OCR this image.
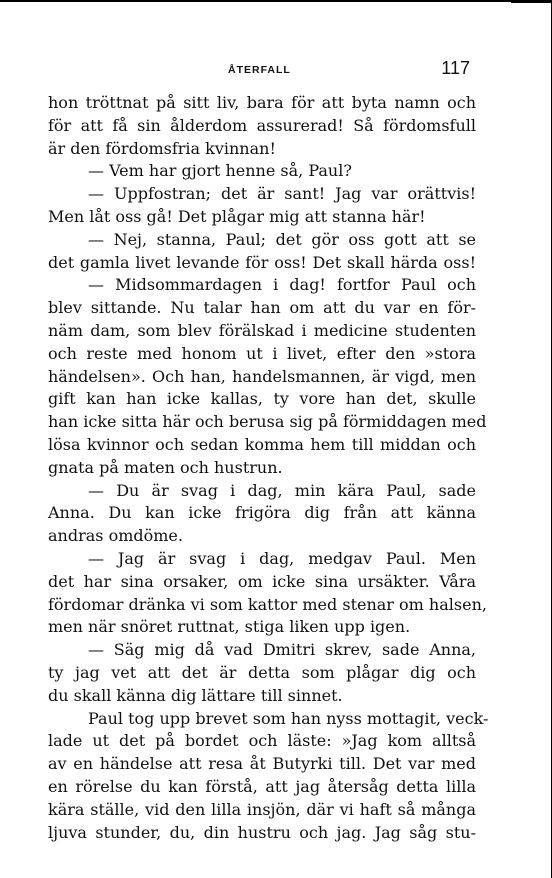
ÅTERFALL	117
hon tröttnat på sitt liv, bara för att byta namn och
för att få sin ålderdom assurerad! Så fördomsfull
är den fördomsfria kvinnan!
— Vem har gjort henne så, Paul?
— Uppfostran; det är sant! Jag var orättvis!
Men låt oss gå! Det plågar mig att stanna här!
— Nej, stanna, Paul; det gör oss gott att se
det gamla livet levande för oss! Det skall härda oss!
— Midsommardagen i dag! fortfor Paul och
blev sittande. Nu talar han om att du var en för-
näm dam, som blev förälskad i medicine studenten
och reste med honom ut i livet, efter den »stora
händelsen». Och han, handelsmannen, är vigd, men
gift kan han icke kallas, ty vore han det, skulle
han icke sitta här och berusa sig på förmiddagen med
lösa kvinnor och sedan komma hem till middan och
gnata på maten och hustrun.
— Du är svag i dag, min kära Paul, sade
Anna. Du kan icke frigöra dig från att känna
andras omdöme.
— Jag är svag i dag, medgav Paul. Men
det har sina orsaker, om icke sina ursäkter. Våra
fördomar dränka vi som kattor med stenar om halsen,
men när snöret ruttnat, stiga liken upp igen.
— Säg mig då vad Dmitri skrev, sade Anna,
ty jag vet att det är detta som plågar dig och
du skall känna dig lättare till sinnet.
Paul tog upp brevet som han nyss mottagit, veck-
lade ut det på bordet och läste: »Jag kom alltså
av en händelse att resa åt Butyrki till. Det var med
en rörelse du kan förstå, att jag återsåg detta lilla
kära ställe, vid den lilla insjön, där vi haft så många
ljuva stunder, du, din hustru och jag. Jag såg stu-
